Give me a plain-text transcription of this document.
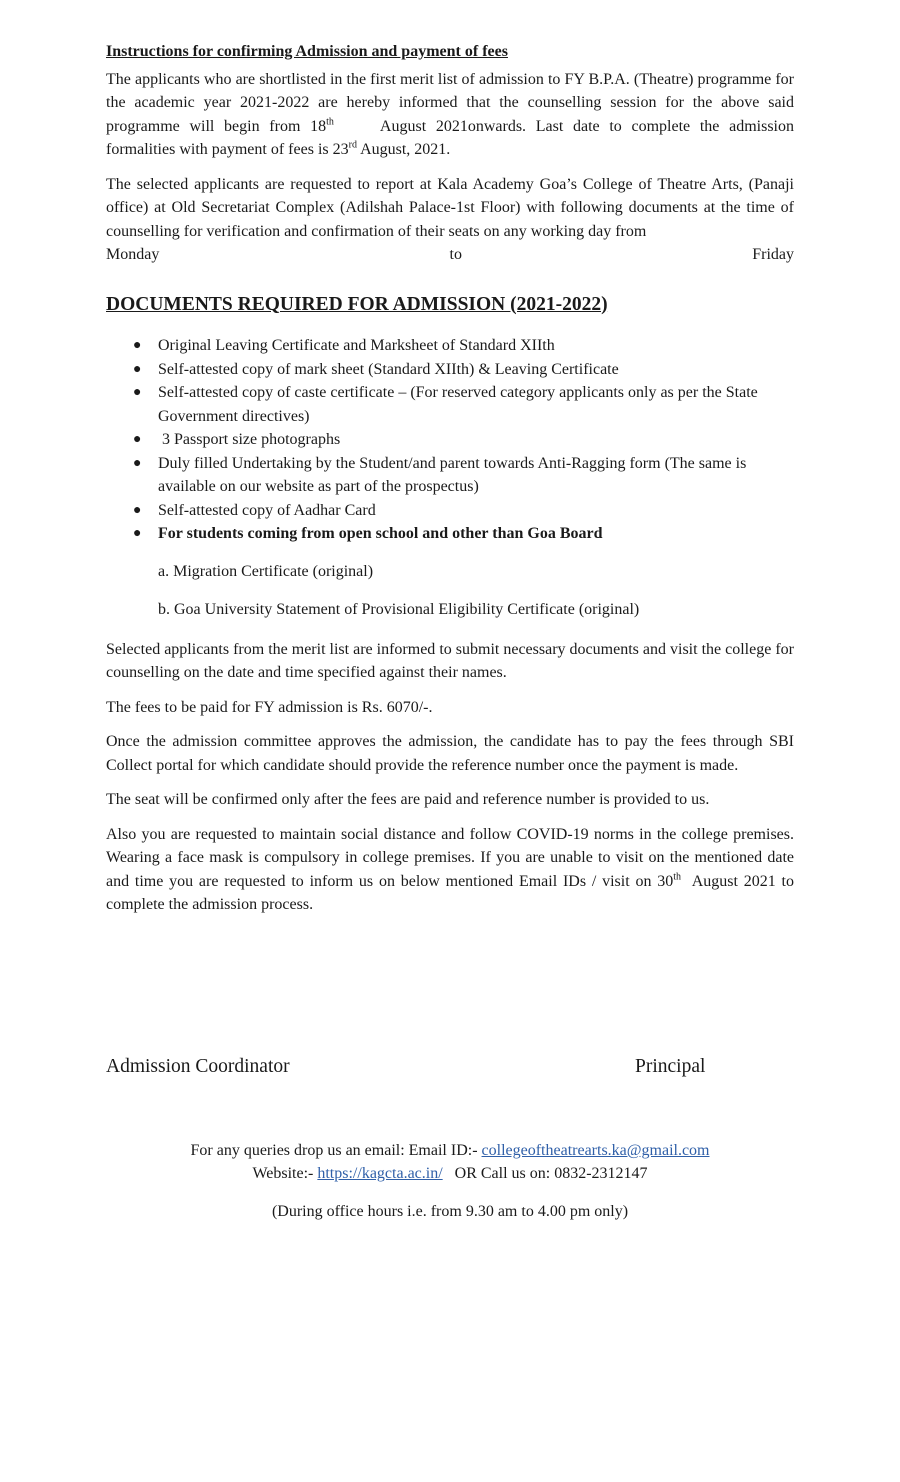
Instructions for confirming Admission and payment of fees

The applicants who are shortlisted in the first merit list of admission to FY B.P.A. (Theatre) programme for the academic year 2021-2022 are hereby informed that the counselling session for the above said programme will begin from 18th	August 2021onwards. Last date to complete the admission formalities with payment of fees is 23rd August, 2021.

The selected applicants are requested to report at Kala Academy Goa’s College of Theatre Arts, (Panaji office) at Old Secretariat Complex (Adilshah Palace-1st Floor) with following documents at the time of counselling for verification and confirmation of their seats on any working day from

Monday	to	Friday
DOCUMENTS REQUIRED FOR ADMISSION (2021-2022)
● Original Leaving Certificate and Marksheet of Standard XIIth
● Self-attested copy of mark sheet (Standard XIIth) & Leaving Certificate
● Self-attested copy of caste certificate – (For reserved category applicants only as per the State    Government directives)
● 3 Passport size photographs
● Duly filled Undertaking by the Student/and parent towards Anti-Ragging form (The same is available on our website as part of the prospectus)
● Self-attested copy of Aadhar Card
● For students coming from open school and other than Goa Board
a. Migration Certificate (original)
b. Goa University Statement of Provisional Eligibility Certificate (original)

Selected applicants from the merit list are informed to submit necessary documents and visit the college for counselling on the date and time specified against their names.

The fees to be paid for FY admission is Rs. 6070/-.

Once the admission committee approves the admission, the candidate has to pay the fees through SBI Collect portal for which candidate should provide the reference number once the payment is made.

The seat will be confirmed only after the fees are paid and reference number is provided to us.

Also you are requested to maintain social distance and follow COVID-19 norms in the college premises. Wearing a face mask is compulsory in college premises. If you are unable to visit on the mentioned date and time you are requested to inform us on below mentioned Email IDs / visit on 30th  August 2021 to complete the admission process.

Admission Coordinator	Principal
For any queries drop us an email: Email ID:- collegeoftheatrearts.ka@gmail.com
Website:- https://kagcta.ac.in/   OR Call us on: 0832-2312147
(During office hours i.e. from 9.30 am to 4.00 pm only)
